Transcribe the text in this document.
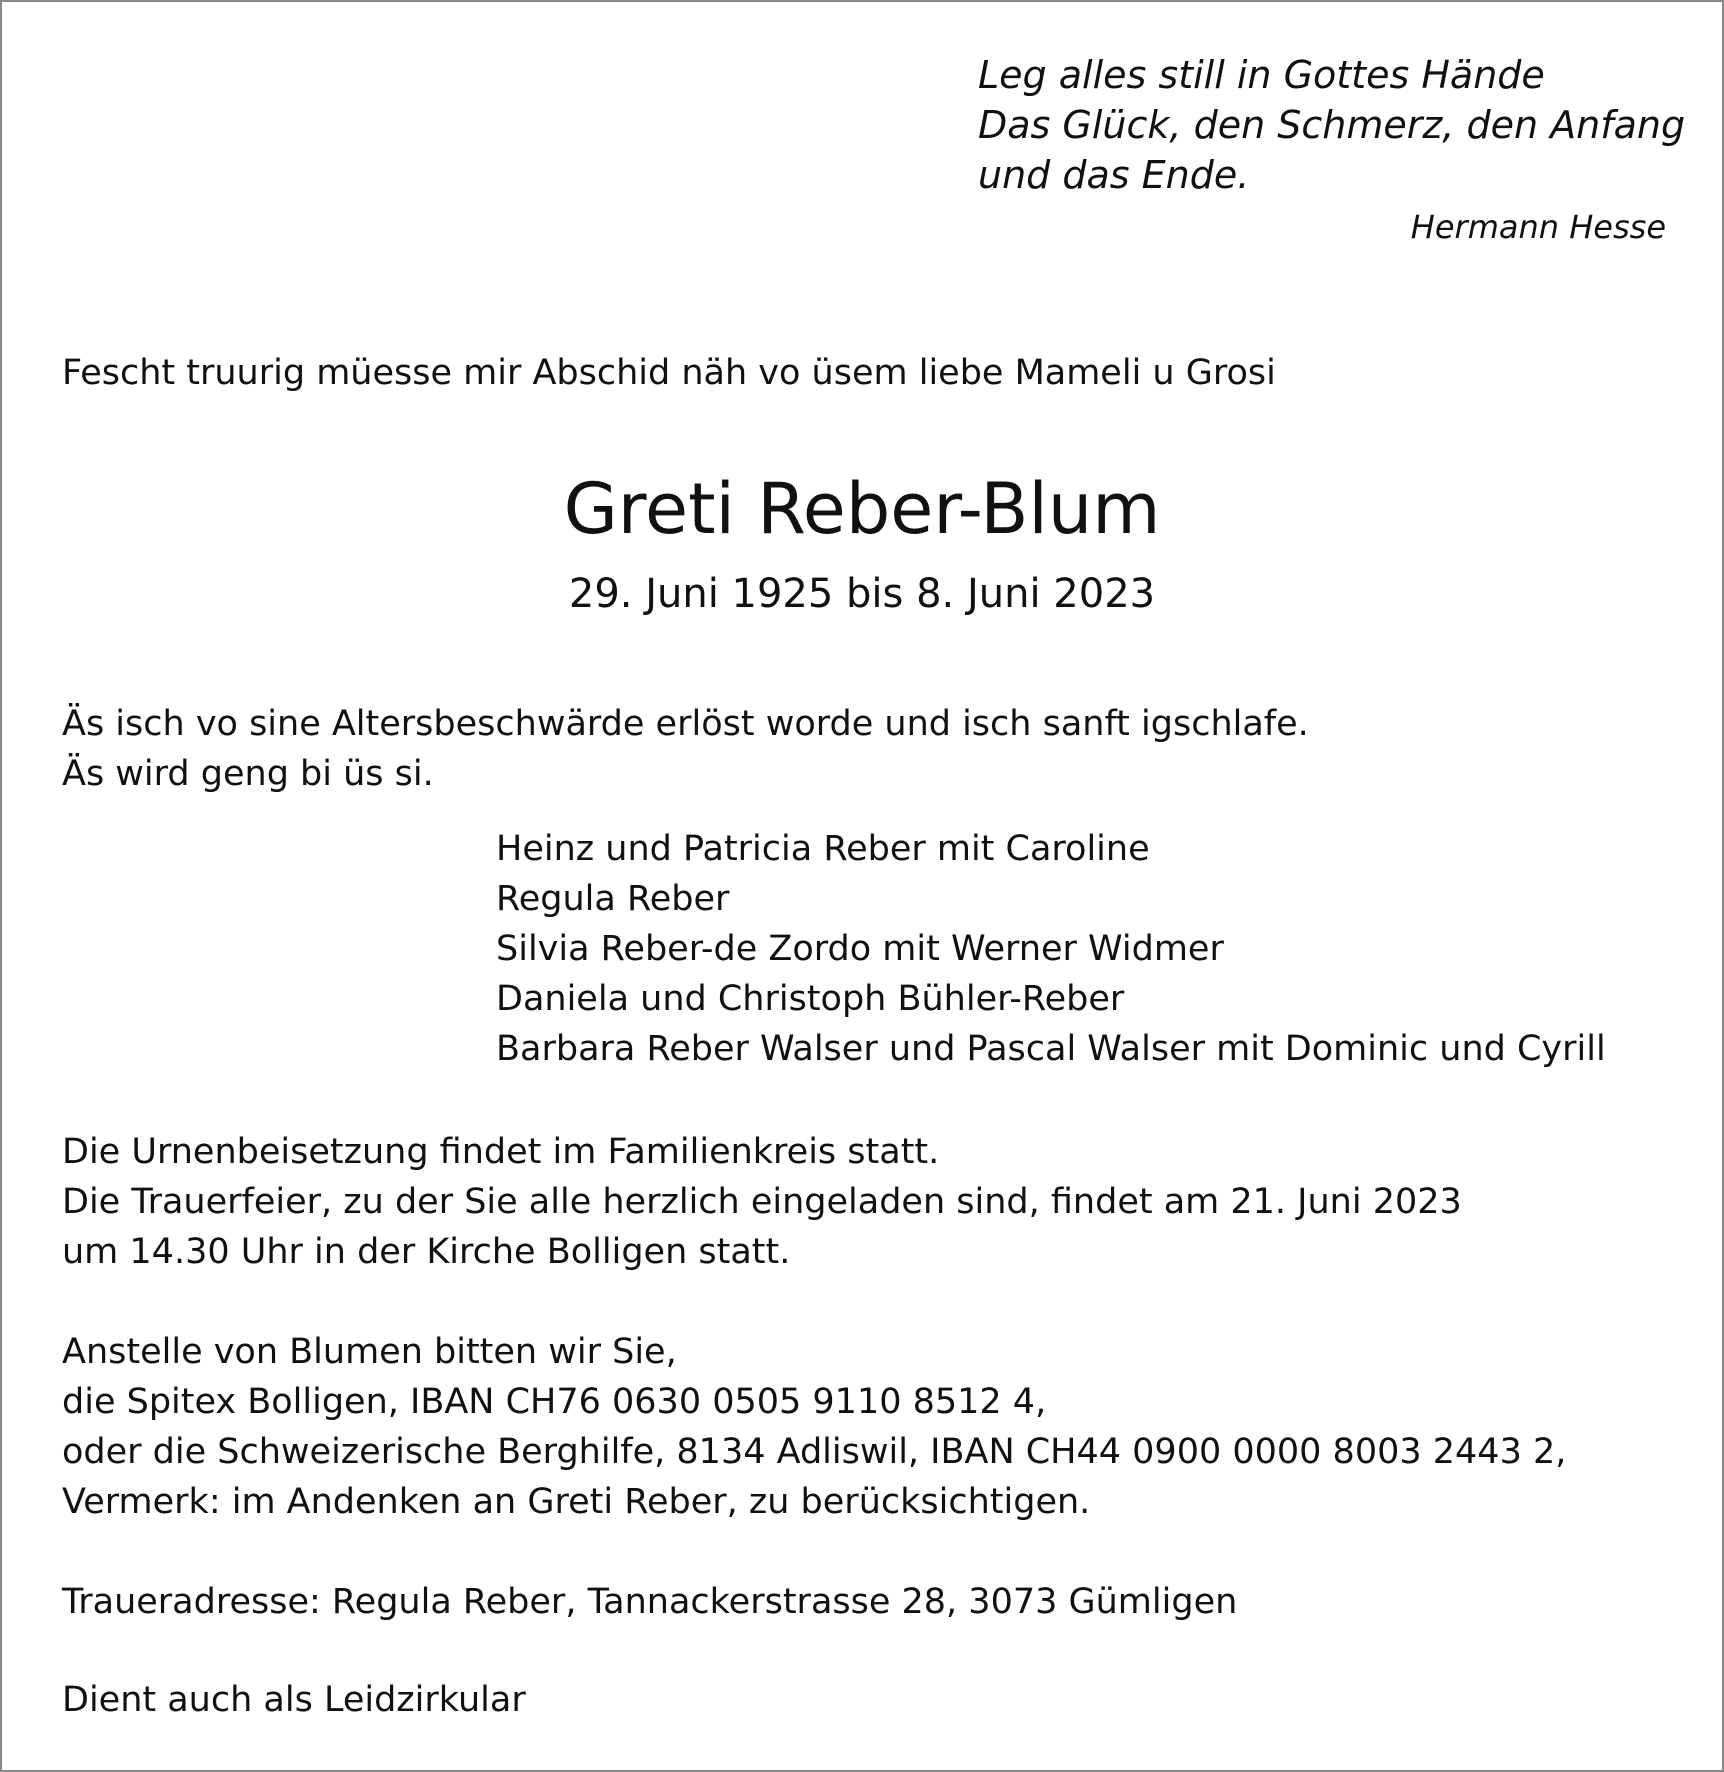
Leg alles still in Gottes Hände
Das Glück, den Schmerz, den Anfang
und das Ende.
Hermann Hesse
Fescht truurig müesse mir Abschid näh vo üsem liebe Mameli u Grosi
Greti Reber-Blum
29. Juni 1925 bis 8. Juni 2023
Äs isch vo sine Altersbeschwärde erlöst worde und isch sanft igschlafe.
Äs wird geng bi üs si.
Heinz und Patricia Reber mit Caroline
Regula Reber
Silvia Reber-de Zordo mit Werner Widmer
Daniela und Christoph Bühler-Reber
Barbara Reber Walser und Pascal Walser mit Dominic und Cyrill
Die Urnenbeisetzung findet im Familienkreis statt.
Die Trauerfeier, zu der Sie alle herzlich eingeladen sind, findet am 21. Juni 2023
um 14.30 Uhr in der Kirche Bolligen statt.
Anstelle von Blumen bitten wir Sie,
die Spitex Bolligen, IBAN CH76 0630 0505 9110 8512 4,
oder die Schweizerische Berghilfe, 8134 Adliswil, IBAN CH44 0900 0000 8003 2443 2,
Vermerk: im Andenken an Greti Reber, zu berücksichtigen.
Traueradresse: Regula Reber, Tannackerstrasse 28, 3073 Gümligen
Dient auch als Leidzirkular
